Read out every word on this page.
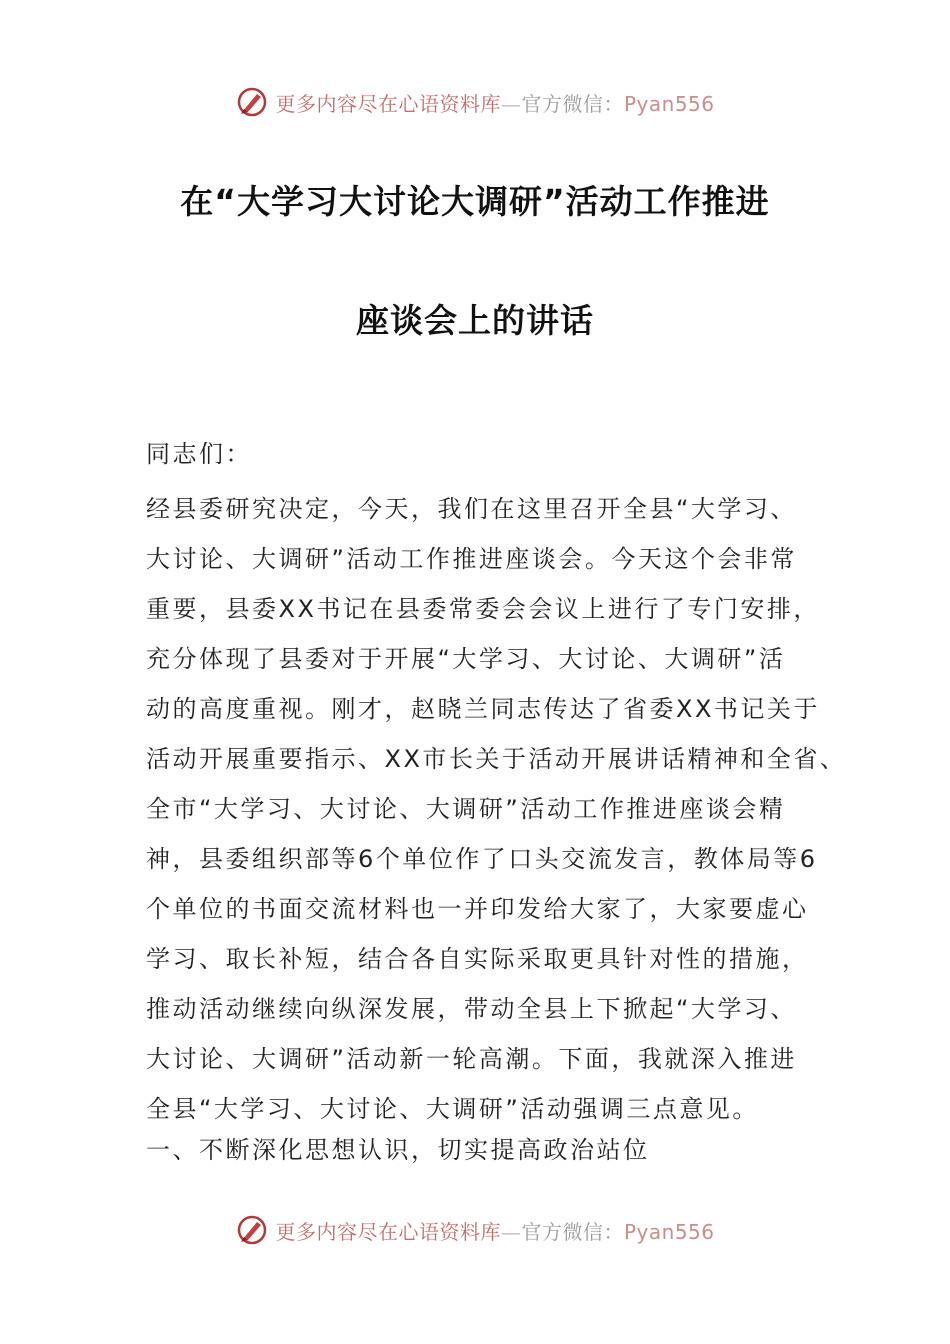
更多内容尽在心语资料库—官方微信：Pyan556
在“大学习大讨论大调研”活动工作推进
座谈会上的讲话
同志们：
经县委研究决定，今天，我们在这里召开全县“大学习、
大讨论、大调研”活动工作推进座谈会。今天这个会非常
重要，县委XX书记在县委常委会会议上进行了专门安排，
充分体现了县委对于开展“大学习、大讨论、大调研”活
动的高度重视。刚才，赵晓兰同志传达了省委XX书记关于
活动开展重要指示、XX市长关于活动开展讲话精神和全省、
全市“大学习、大讨论、大调研”活动工作推进座谈会精
神，县委组织部等6个单位作了口头交流发言，教体局等6
个单位的书面交流材料也一并印发给大家了，大家要虚心
学习、取长补短，结合各自实际采取更具针对性的措施，
推动活动继续向纵深发展，带动全县上下掀起“大学习、
大讨论、大调研”活动新一轮高潮。下面，我就深入推进
全县“大学习、大讨论、大调研”活动强调三点意见。
一、不断深化思想认识，切实提高政治站位
更多内容尽在心语资料库—官方微信：Pyan556
